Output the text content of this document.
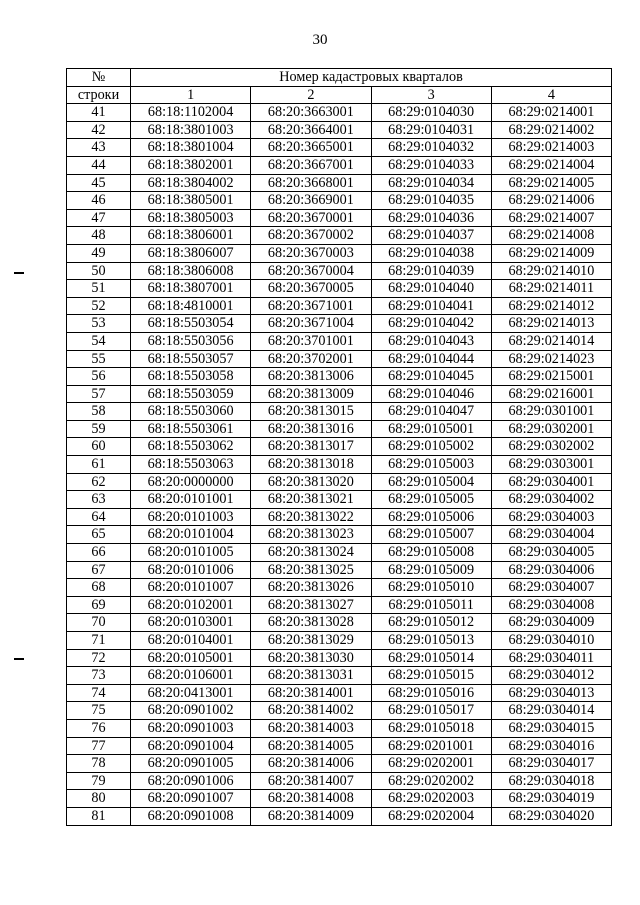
30
№	Номер кадастровых кварталов			
строки	1	2	3	4
41	68:18:1102004	68:20:3663001	68:29:0104030	68:29:0214001
42	68:18:3801003	68:20:3664001	68:29:0104031	68:29:0214002
43	68:18:3801004	68:20:3665001	68:29:0104032	68:29:0214003
44	68:18:3802001	68:20:3667001	68:29:0104033	68:29:0214004
45	68:18:3804002	68:20:3668001	68:29:0104034	68:29:0214005
46	68:18:3805001	68:20:3669001	68:29:0104035	68:29:0214006
47	68:18:3805003	68:20:3670001	68:29:0104036	68:29:0214007
48	68:18:3806001	68:20:3670002	68:29:0104037	68:29:0214008
49	68:18:3806007	68:20:3670003	68:29:0104038	68:29:0214009
50	68:18:3806008	68:20:3670004	68:29:0104039	68:29:0214010
51	68:18:3807001	68:20:3670005	68:29:0104040	68:29:0214011
52	68:18:4810001	68:20:3671001	68:29:0104041	68:29:0214012
53	68:18:5503054	68:20:3671004	68:29:0104042	68:29:0214013
54	68:18:5503056	68:20:3701001	68:29:0104043	68:29:0214014
55	68:18:5503057	68:20:3702001	68:29:0104044	68:29:0214023
56	68:18:5503058	68:20:3813006	68:29:0104045	68:29:0215001
57	68:18:5503059	68:20:3813009	68:29:0104046	68:29:0216001
58	68:18:5503060	68:20:3813015	68:29:0104047	68:29:0301001
59	68:18:5503061	68:20:3813016	68:29:0105001	68:29:0302001
60	68:18:5503062	68:20:3813017	68:29:0105002	68:29:0302002
61	68:18:5503063	68:20:3813018	68:29:0105003	68:29:0303001
62	68:20:0000000	68:20:3813020	68:29:0105004	68:29:0304001
63	68:20:0101001	68:20:3813021	68:29:0105005	68:29:0304002
64	68:20:0101003	68:20:3813022	68:29:0105006	68:29:0304003
65	68:20:0101004	68:20:3813023	68:29:0105007	68:29:0304004
66	68:20:0101005	68:20:3813024	68:29:0105008	68:29:0304005
67	68:20:0101006	68:20:3813025	68:29:0105009	68:29:0304006
68	68:20:0101007	68:20:3813026	68:29:0105010	68:29:0304007
69	68:20:0102001	68:20:3813027	68:29:0105011	68:29:0304008
70	68:20:0103001	68:20:3813028	68:29:0105012	68:29:0304009
71	68:20:0104001	68:20:3813029	68:29:0105013	68:29:0304010
72	68:20:0105001	68:20:3813030	68:29:0105014	68:29:0304011
73	68:20:0106001	68:20:3813031	68:29:0105015	68:29:0304012
74	68:20:0413001	68:20:3814001	68:29:0105016	68:29:0304013
75	68:20:0901002	68:20:3814002	68:29:0105017	68:29:0304014
76	68:20:0901003	68:20:3814003	68:29:0105018	68:29:0304015
77	68:20:0901004	68:20:3814005	68:29:0201001	68:29:0304016
78	68:20:0901005	68:20:3814006	68:29:0202001	68:29:0304017
79	68:20:0901006	68:20:3814007	68:29:0202002	68:29:0304018
80	68:20:0901007	68:20:3814008	68:29:0202003	68:29:0304019
81	68:20:0901008	68:20:3814009	68:29:0202004	68:29:0304020
